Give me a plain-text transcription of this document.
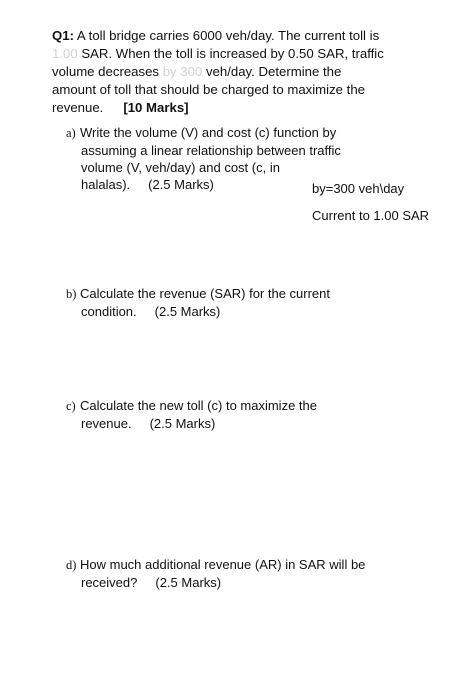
Q1: A toll bridge carries 6000 veh/day. The current toll is
1.00 SAR. When the toll is increased by 0.50 SAR, traffic
volume decreases by 300 veh/day. Determine the
amount of toll that should be charged to maximize the
revenue. [10 Marks]
a) Write the volume (V) and cost (c) function by
assuming a linear relationship between traffic
volume (V, veh/day) and cost (c, in
halalas). (2.5 Marks)	by=300 veh\day
Current to 1.00 SAR
b) Calculate the revenue (SAR) for the current
condition. (2.5 Marks)
c) Calculate the new toll (c) to maximize the
revenue. (2.5 Marks)
d) How much additional revenue (AR) in SAR will be
received? (2.5 Marks)
